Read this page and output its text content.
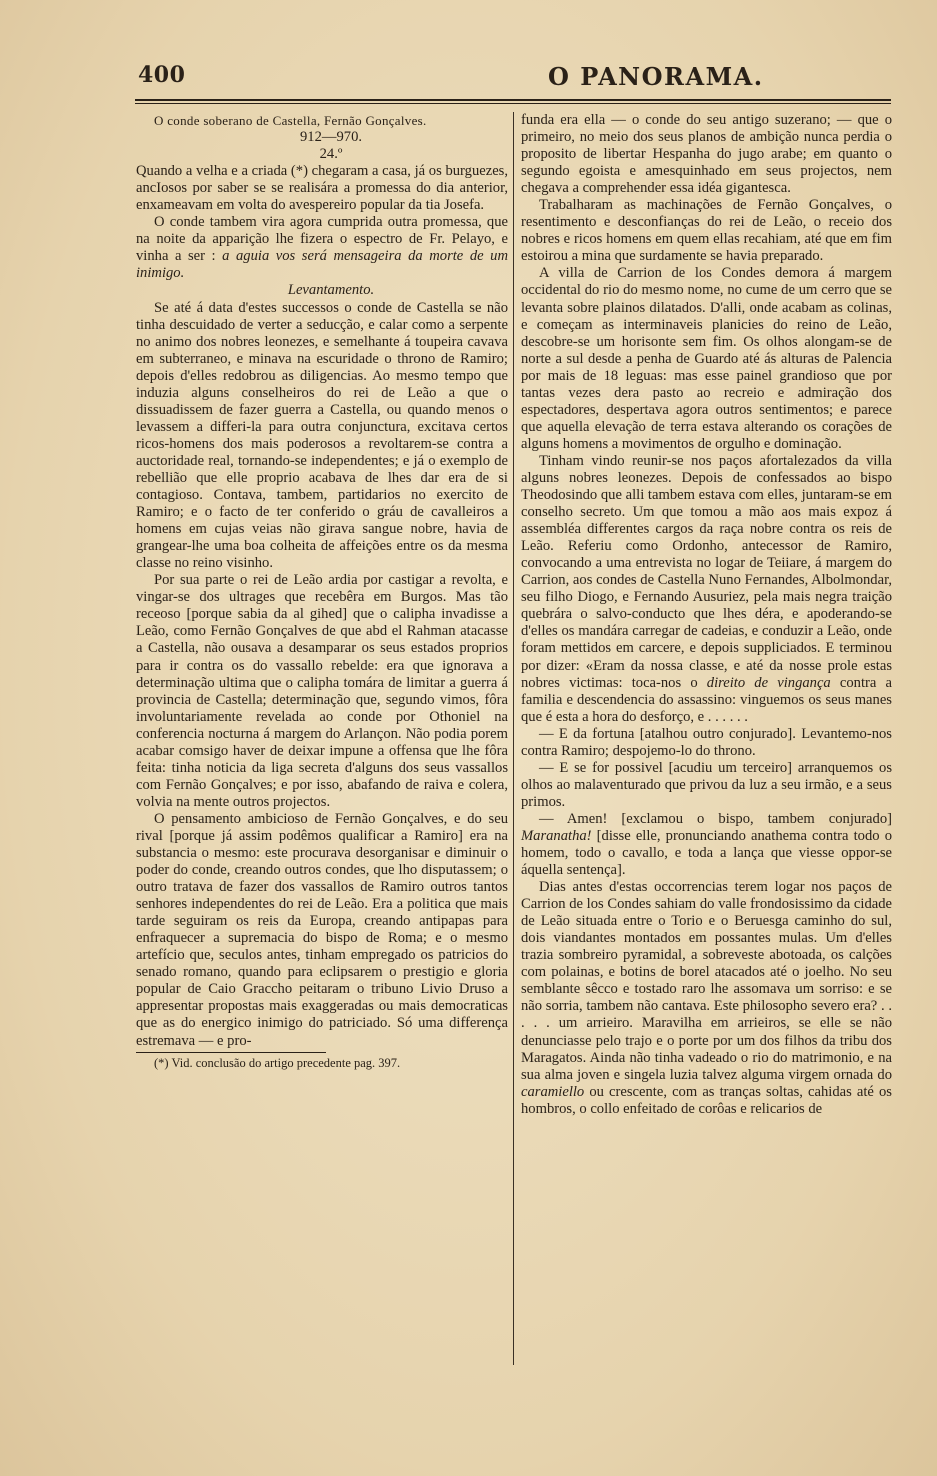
400	O PANORAMA.

O conde soberano de Castella, Fernão Gonçalves.

912—970.

24.º

Quando a velha e a criada (*) chegaram a casa, já os burguezes, ancIosos por saber se se realisára a promessa do dia anterior, enxameavam em volta do avespereiro popular da tia Josefa.

O conde tambem vira agora cumprida outra promessa, que na noite da apparição lhe fizera o espectro de Fr. Pelayo, e vinha a ser : a aguia vos será mensageira da morte de um inimigo.

Levantamento.

Se até á data d'estes successos o conde de Castella se não tinha descuidado de verter a seducção, e calar como a serpente no animo dos nobres leonezes, e semelhante á toupeira cavava em subterraneo, e minava na escuridade o throno de Ramiro; depois d'elles redobrou as diligencias. Ao mesmo tempo que induzia alguns conselheiros do rei de Leão a que o dissuadissem de fazer guerra a Castella, ou quando menos o levassem a differi-la para outra conjunctura, excitava certos ricos-homens dos mais poderosos a revoltarem-se contra a auctoridade real, tornando-se independentes; e já o exemplo de rebellião que elle proprio acabava de lhes dar era de si contagioso. Contava, tambem, partidarios no exercito de Ramiro; e o facto de ter conferido o gráu de cavalleiros a homens em cujas veias não girava sangue nobre, havia de grangear-lhe uma boa colheita de affeições entre os da mesma classe no reino visinho.

Por sua parte o rei de Leão ardia por castigar a revolta, e vingar-se dos ultrages que recebêra em Burgos. Mas tão receoso [porque sabia da al gihed] que o calipha invadisse a Leão, como Fernão Gonçalves de que abd el Rahman atacasse a Castella, não ousava a desamparar os seus estados proprios para ir contra os do vassallo rebelde: era que ignorava a determinação ultima que o calipha tomára de limitar a guerra á provincia de Castella; determinação que, segundo vimos, fôra involuntariamente revelada ao conde por Othoniel na conferencia nocturna á margem do Arlançon. Não podia porem acabar comsigo haver de deixar impune a offensa que lhe fôra feita: tinha noticia da liga secreta d'alguns dos seus vassallos com Fernão Gonçalves; e por isso, abafando de raiva e colera, volvia na mente outros projectos.

O pensamento ambicioso de Fernão Gonçalves, e do seu rival [porque já assim podêmos qualificar a Ramiro] era na substancia o mesmo: este procurava desorganisar e diminuir o poder do conde, creando outros condes, que lho disputassem; o outro tratava de fazer dos vassallos de Ramiro outros tantos senhores independentes do rei de Leão. Era a politica que mais tarde seguiram os reis da Europa, creando antipapas para enfraquecer a supremacia do bispo de Roma; e o mesmo artefício que, seculos antes, tinham empregado os patricios do senado romano, quando para eclipsarem o prestigio e gloria popular de Caio Graccho peitaram o tribuno Livio Druso a appresentar propostas mais exaggeradas ou mais democraticas que as do energico inimigo do patriciado. Só uma differença estremava — e pro-

(*) Vid. conclusão do artigo precedente pag. 397.

funda era ella — o conde do seu antigo suzerano; — que o primeiro, no meio dos seus planos de ambição nunca perdia o proposito de libertar Hespanha do jugo arabe; em quanto o segundo egoista e amesquinhado em seus projectos, nem chegava a comprehender essa idéa gigantesca.

Trabalharam as machinações de Fernão Gonçalves, o resentimento e desconfianças do rei de Leão, o receio dos nobres e ricos homens em quem ellas recahiam, até que em fim estoirou a mina que surdamente se havia preparado.

A villa de Carrion de los Condes demora á margem occidental do rio do mesmo nome, no cume de um cerro que se levanta sobre plainos dilatados. D'alli, onde acabam as colinas, e começam as interminaveis planicies do reino de Leão, descobre-se um horisonte sem fim. Os olhos alongam-se de norte a sul desde a penha de Guardo até ás alturas de Palencia por mais de 18 leguas: mas esse painel grandioso que por tantas vezes dera pasto ao recreio e admiração dos espectadores, despertava agora outros sentimentos; e parece que aquella elevação de terra estava alterando os corações de alguns homens a movimentos de orgulho e dominação.

Tinham vindo reunir-se nos paços afortalezados da villa alguns nobres leonezes. Depois de confessados ao bispo Theodosindo que alli tambem estava com elles, juntaram-se em conselho secreto. Um que tomou a mão aos mais expoz á assembléa differentes cargos da raça nobre contra os reis de Leão. Referiu como Ordonho, antecessor de Ramiro, convocando a uma entrevista no logar de Teiiare, á margem do Carrion, aos condes de Castella Nuno Fernandes, Albolmondar, seu filho Diogo, e Fernando Ausuriez, pela mais negra traição quebrára o salvo-conducto que lhes déra, e apoderando-se d'elles os mandára carregar de cadeias, e conduzir a Leão, onde foram mettidos em carcere, e depois suppliciados. E terminou por dizer: «Eram da nossa classe, e até da nosse prole estas nobres victimas: toca-nos o direito de vingança contra a familia e descendencia do assassino: vinguemos os seus manes que é esta a hora do desforço, e . . . . . .

— E da fortuna [atalhou outro conjurado]. Levantemo-nos contra Ramiro; despojemo-lo do throno.

— E se for possivel [acudiu um terceiro] arranquemos os olhos ao malaventurado que privou da luz a seu irmão, e a seus primos.

— Amen! [exclamou o bispo, tambem conjurado] Maranatha! [disse elle, pronunciando anathema contra todo o homem, todo o cavallo, e toda a lança que viesse oppor-se áquella sentença].

Dias antes d'estas occorrencias terem logar nos paços de Carrion de los Condes sahiam do valle frondosissimo da cidade de Leão situada entre o Torio e o Beruesga caminho do sul, dois viandantes montados em possantes mulas. Um d'elles trazia sombreiro pyramidal, a sobreveste abotoada, os calções com polainas, e botins de borel atacados até o joelho. No seu semblante sêcco e tostado raro lhe assomava um sorriso: e se não sorria, tambem não cantava. Este philosopho severo era? . . . . . um arrieiro. Maravilha em arrieiros, se elle se não denunciasse pelo trajo e o porte por um dos filhos da tribu dos Maragatos. Ainda não tinha vadeado o rio do matrimonio, e na sua alma joven e singela luzia talvez alguma virgem ornada do caramiello ou crescente, com as tranças soltas, cahidas até os hombros, o collo enfeitado de corôas e relicarios de
